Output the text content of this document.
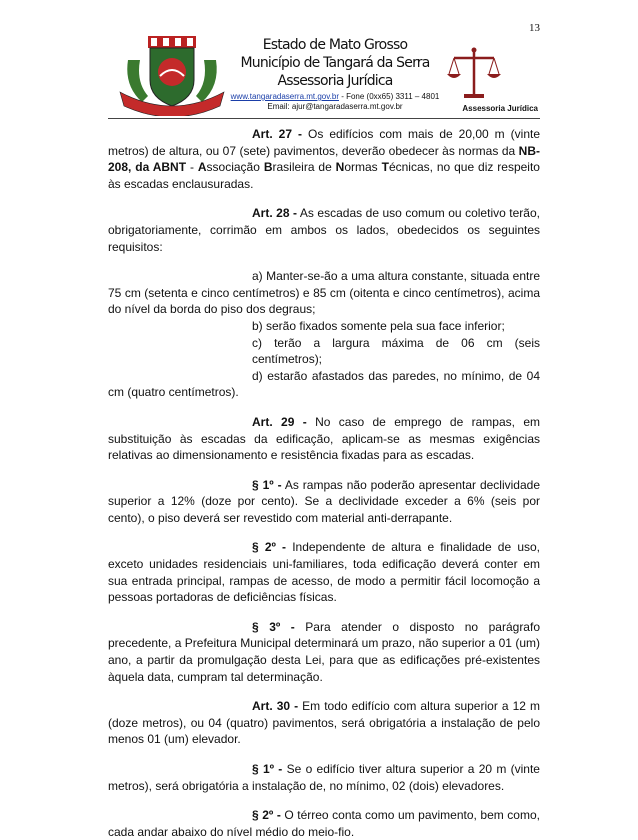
13
Estado de Mato Grosso
Município de Tangará da Serra
Assessoria Jurídica
www.tangaradaserra.mt.gov.br - Fone (0xx65) 3311 – 4801
Email: ajur@tangaradaserra.mt.gov.br	Assessoria Jurídica

Art. 27 - Os edifícios com mais de 20,00 m (vinte metros) de altura, ou 07 (sete) pavimentos, deverão obedecer às normas da NB-208, da ABNT - Associação Brasileira de Normas Técnicas, no que diz respeito às escadas enclausuradas.

Art. 28 - As escadas de uso comum ou coletivo terão, obrigatoriamente, corrimão em ambos os lados, obedecidos os seguintes requisitos:

a) Manter-se-ão a uma altura constante, situada entre 75 cm (setenta e cinco centímetros) e 85 cm (oitenta e cinco centímetros), acima do nível da borda do piso dos degraus;

b) serão fixados somente pela sua face inferior;

c) terão a largura máxima de 06 cm (seis centímetros);

d) estarão afastados das paredes, no mínimo, de 04 cm (quatro centímetros).

Art. 29 - No caso de emprego de rampas, em substituição às escadas da edificação, aplicam-se as mesmas exigências relativas ao dimensionamento e resistência fixadas para as escadas.

§ 1º - As rampas não poderão apresentar declividade superior a 12% (doze por cento). Se a declividade exceder a 6% (seis por cento), o piso deverá ser revestido com material anti-derrapante.

§ 2º - Independente de altura e finalidade de uso, exceto unidades residenciais uni-familiares, toda edificação deverá conter em sua entrada principal, rampas de acesso, de modo a permitir fácil locomoção a pessoas portadoras de deficiências físicas.

§ 3º - Para atender o disposto no parágrafo precedente, a Prefeitura Municipal determinará um prazo, não superior a 01 (um) ano, a partir da promulgação desta Lei, para que as edificações pré-existentes àquela data, cumpram tal determinação.

Art. 30 - Em todo edifício com altura superior a 12 m (doze metros), ou 04 (quatro) pavimentos, será obrigatória a instalação de pelo menos 01 (um) elevador.

§ 1º - Se o edifício tiver altura superior a 20 m (vinte metros), será obrigatória a instalação de, no mínimo, 02 (dois) elevadores.

§ 2º - O térreo conta como um pavimento, bem como, cada andar abaixo do nível médio do meio-fio.
